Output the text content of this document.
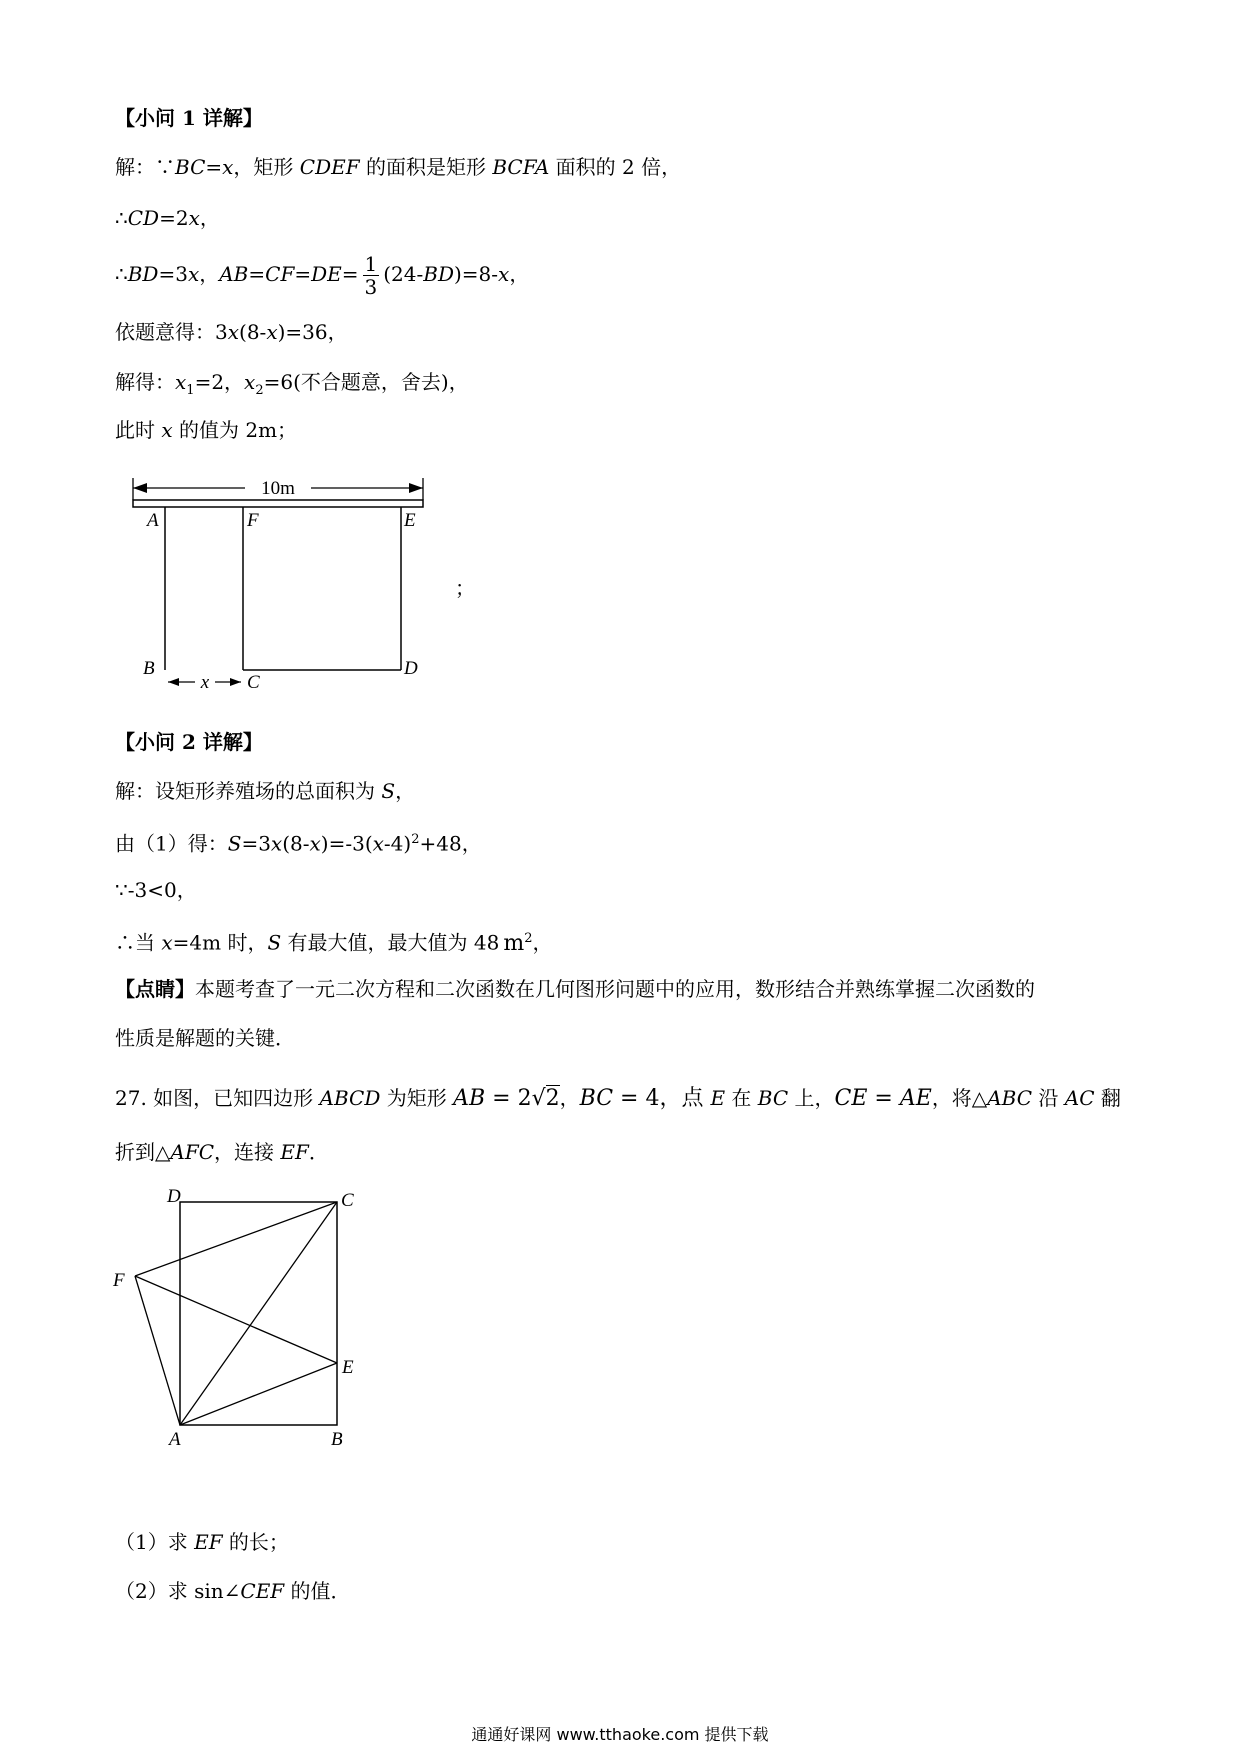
【小问 1 详解】
解：∵BC=x，矩形 CDEF 的面积是矩形 BCFA 面积的 2 倍，
∴CD=2x，
∴BD=3x，$AB=CF=DE= \frac{1}{3} (24-BD)=8-x$，
依题意得：3x(8-x)=36，
解得：$x_1=2$，$x_2=6$(不合题意，舍去)，
此时 x 的值为 2m；
10m
x
A	F	E
B
C
D
；
【小问 2 详解】
解：设矩形养殖场的总面积为 S，
由（1）得：$S=3x(8-x)=-3(x-4)^2+48$，
∵-3<0，
∴当 x=4m 时，S 有最大值，最大值为 48 $m^2$，
【点睛】本题考查了一元二次方程和二次函数在几何图形问题中的应用，数形结合并熟练掌握二次函数的
性质是解题的关键．
27. 如图，已知四边形 ABCD 为矩形 AB = 2√2，BC = 4，点 E 在 BC 上，CE = AE，将△ABC 沿 AC 翻
折到△AFC，连接 EF．
D	C
F
E
A	B
（1）求 EF 的长；
（2）求 sin∠CEF 的值．
通通好课网 www.tthaoke.com 提供下载
